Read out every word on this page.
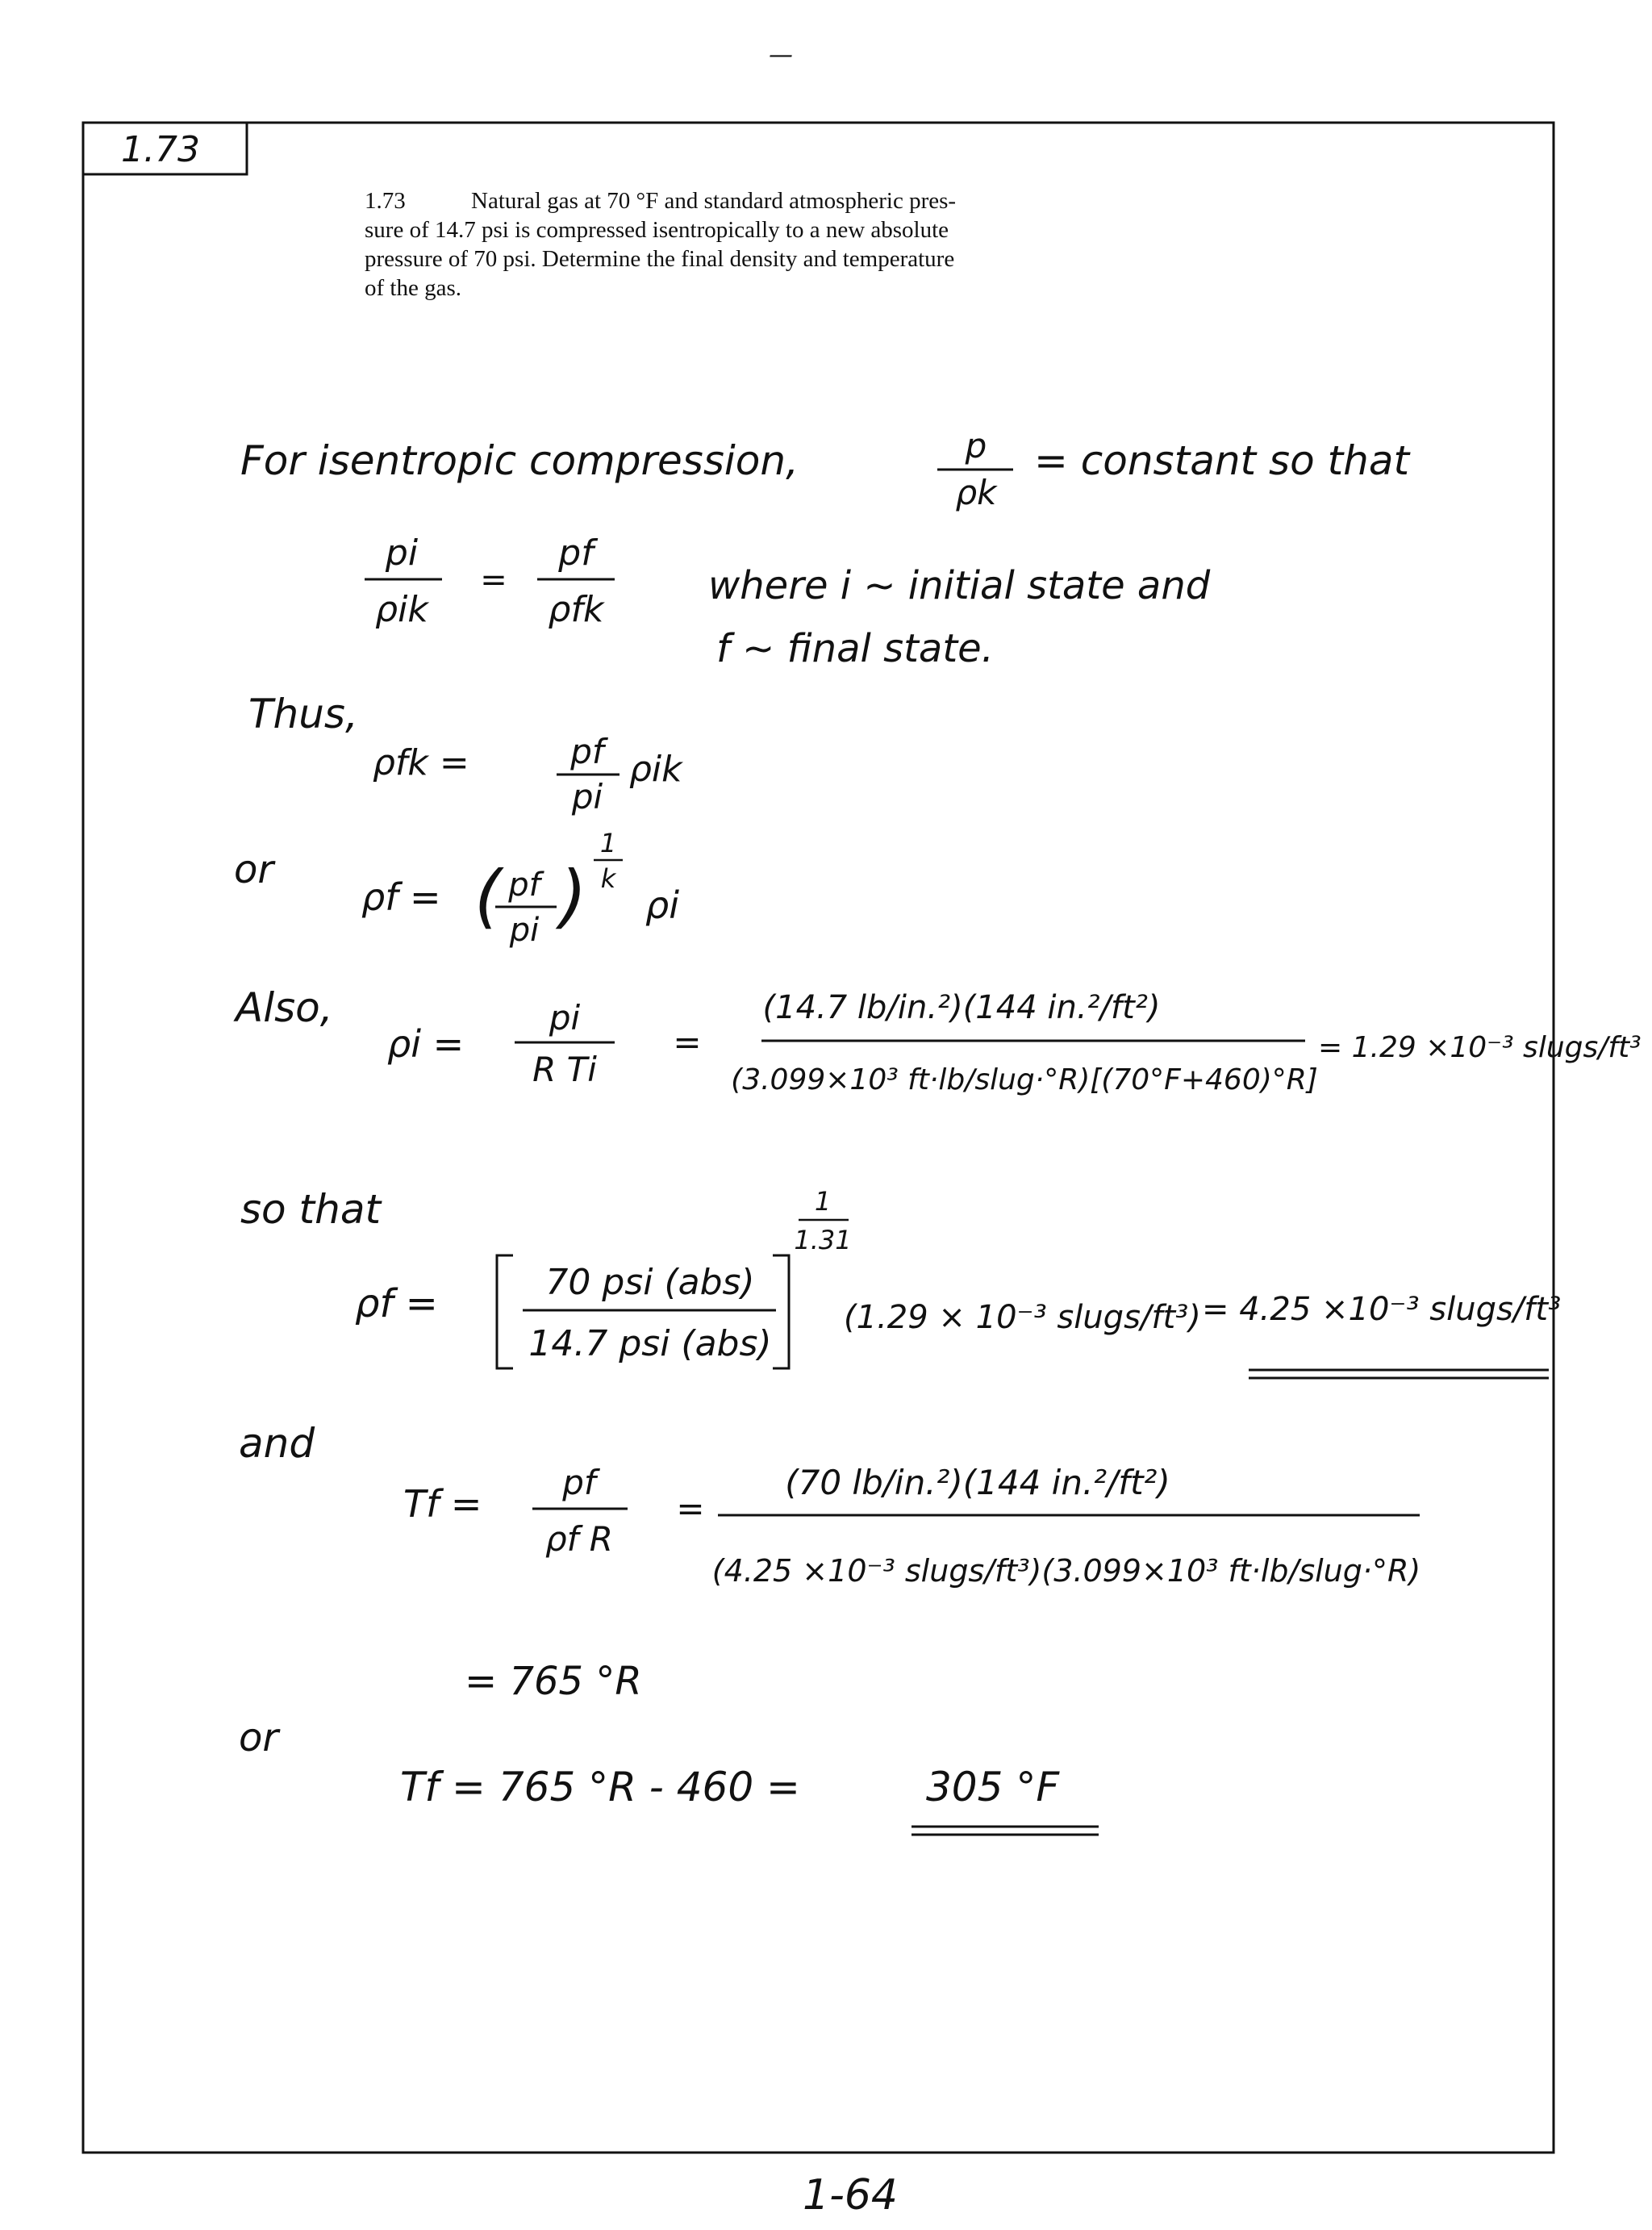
—
1.73
1.73	Natural gas at 70 °F and standard atmospheric pres-
sure of 14.7 psi is compressed isentropically to a new absolute
pressure of 70 psi. Determine the final density and temperature
of the gas.
For isentropic compression,	p
ρk
= constant so that
pi
ρik
=
pf
ρfk
where i ~ initial state and
f ~ final state.
Thus,
ρfk =	pf
pi
ρik
or
ρf = ( pf
pi )
1
k
ρi
Also,
ρi =
pi
R Ti
=
(14.7 lb/in.²)(144 in.²/ft²)
(3.099×10³ ft·lb/slug·°R)[(70°F+460)°R]
= 1.29 ×10⁻³ slugs/ft³
so that
ρf =	70 psi (abs)
14.7 psi (abs)
1
1.31
(1.29 × 10⁻³ slugs/ft³) = 4.25 ×10⁻³ slugs/ft³
and
Tf = pf
ρf R
=
(70 lb/in.²)(144 in.²/ft²)
(4.25 ×10⁻³ slugs/ft³)(3.099×10³ ft·lb/slug·°R)
= 765 °R
or
Tf = 765 °R - 460 =	305 °F
1-64
